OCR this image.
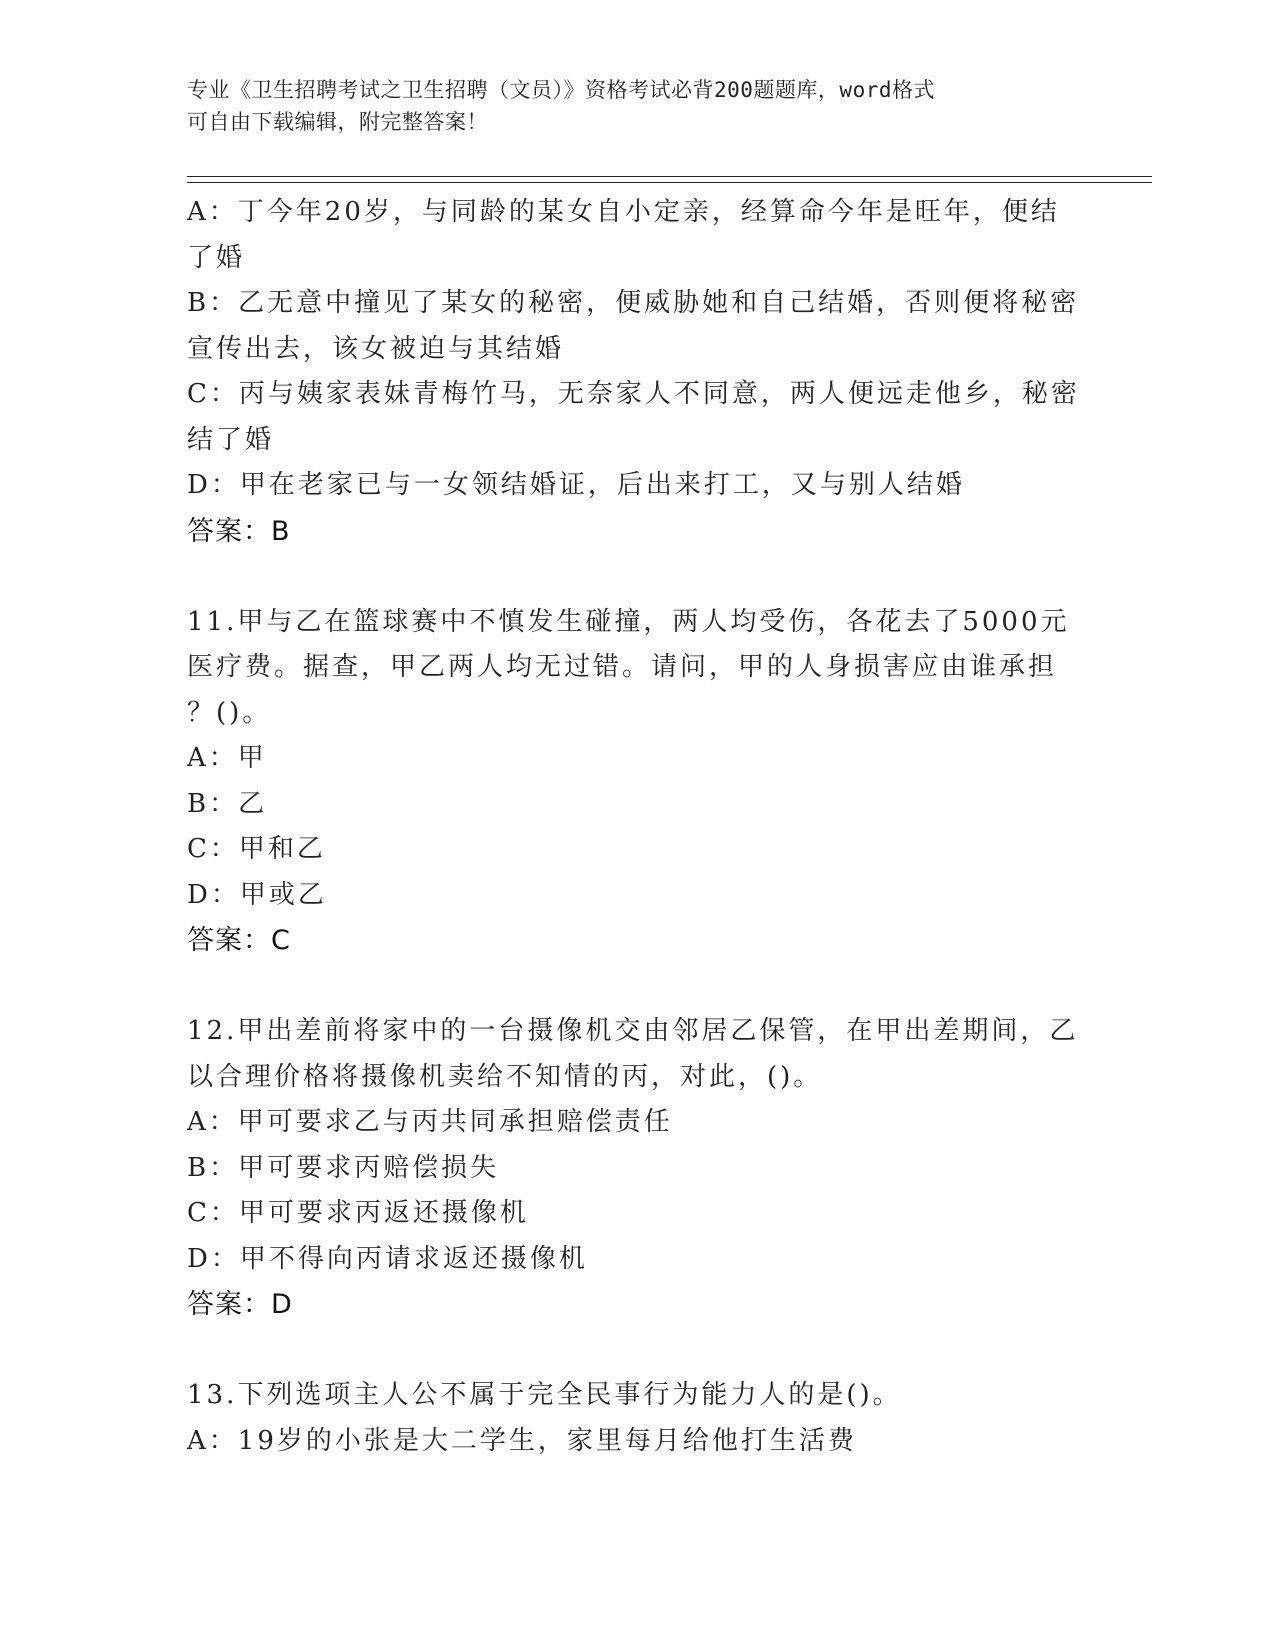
专业《卫生招聘考试之卫生招聘（文员）》资格考试必背200题题库，word格式
可自由下载编辑，附完整答案！
A：丁今年20岁，与同龄的某女自小定亲，经算命今年是旺年，便结
了婚
B：乙无意中撞见了某女的秘密，便威胁她和自己结婚，否则便将秘密
宣传出去，该女被迫与其结婚
C：丙与姨家表妹青梅竹马，无奈家人不同意，两人便远走他乡，秘密
结了婚
D：甲在老家已与一女领结婚证，后出来打工，又与别人结婚
答案：B
11.甲与乙在篮球赛中不慎发生碰撞，两人均受伤，各花去了5000元
医疗费。据查，甲乙两人均无过错。请问，甲的人身损害应由谁承担
？()。
A：甲
B：乙
C：甲和乙
D：甲或乙
答案：C
12.甲出差前将家中的一台摄像机交由邻居乙保管，在甲出差期间，乙
以合理价格将摄像机卖给不知情的丙，对此，()。
A：甲可要求乙与丙共同承担赔偿责任
B：甲可要求丙赔偿损失
C：甲可要求丙返还摄像机
D：甲不得向丙请求返还摄像机
答案：D
13.下列选项主人公不属于完全民事行为能力人的是()。
A：19岁的小张是大二学生，家里每月给他打生活费
